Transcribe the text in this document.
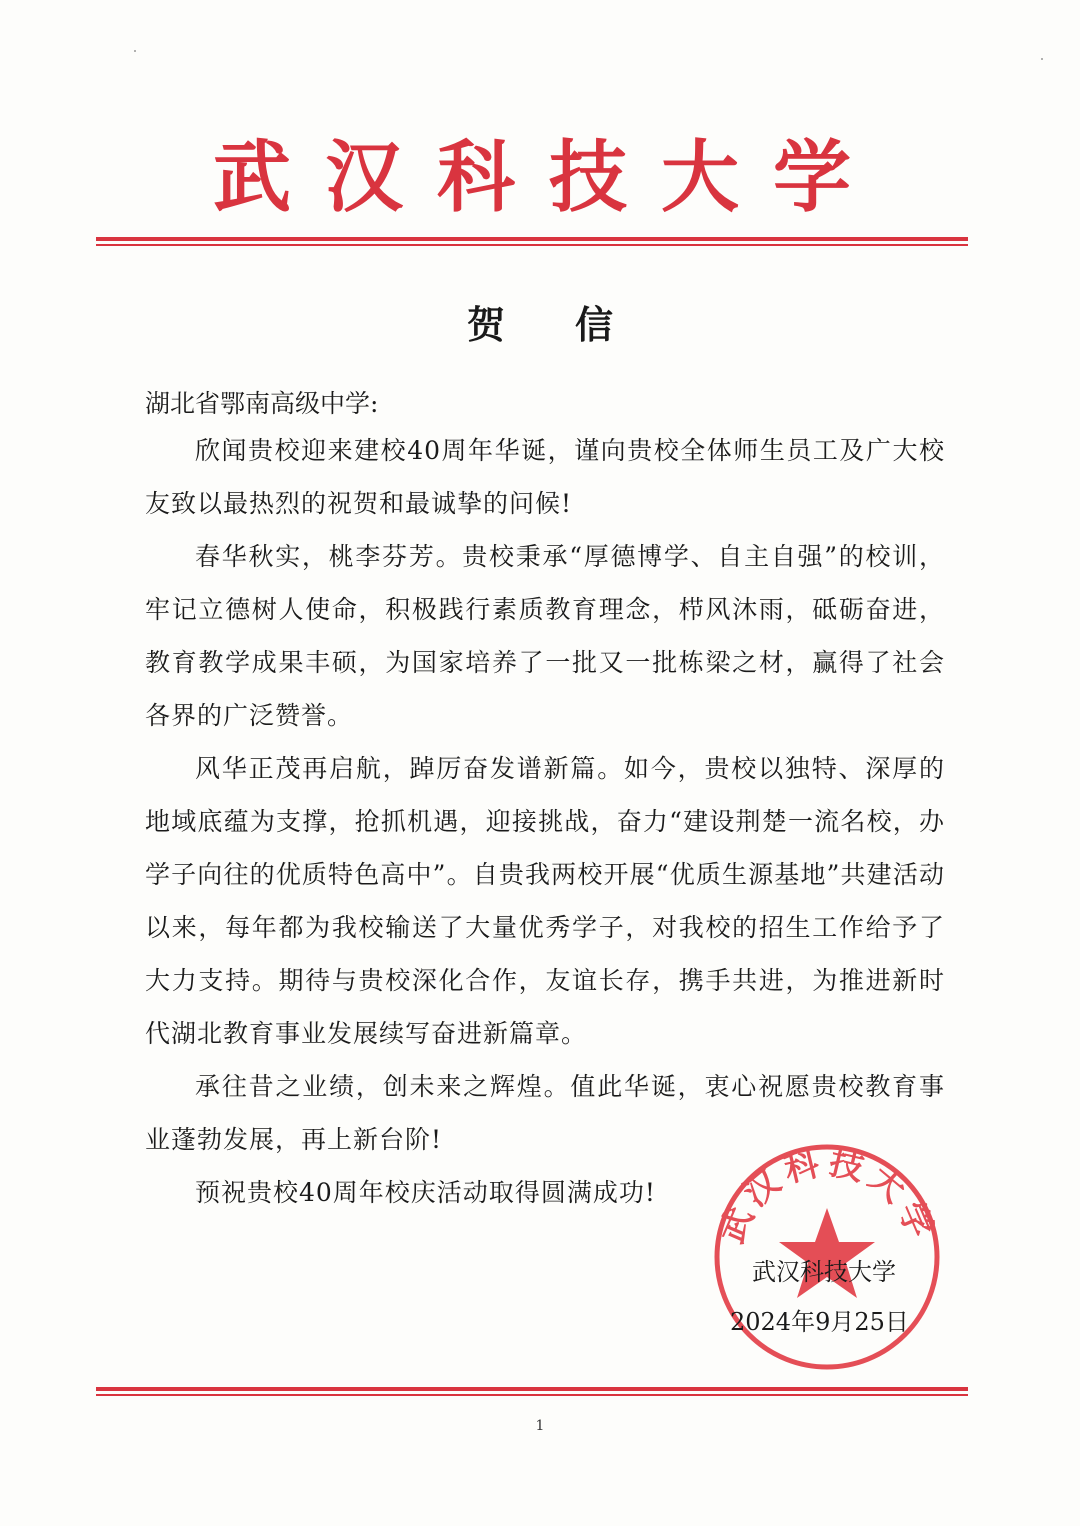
武汉科技大学
贺信
湖北省鄂南高级中学:

欣闻贵校迎来建校40周年华诞，谨向贵校全体师生员工及广大校友致以最热烈的祝贺和最诚挚的问候!

春华秋实，桃李芬芳。贵校秉承“厚德博学、自主自强”的校训，牢记立德树人使命，积极践行素质教育理念，栉风沐雨，砥砺奋进，教育教学成果丰硕，为国家培养了一批又一批栋梁之材，赢得了社会各界的广泛赞誉。

风华正茂再启航，踔厉奋发谱新篇。如今，贵校以独特、深厚的地域底蕴为支撑，抢抓机遇，迎接挑战，奋力“建设荆楚一流名校，办学子向往的优质特色高中”。自贵我两校开展“优质生源基地”共建活动以来，每年都为我校输送了大量优秀学子，对我校的招生工作给予了大力支持。期待与贵校深化合作，友谊长存，携手共进，为推进新时代湖北教育事业发展续写奋进新篇章。

承往昔之业绩，创未来之辉煌。值此华诞，衷心祝愿贵校教育事业蓬勃发展，再上新台阶!

预祝贵校40周年校庆活动取得圆满成功!

武汉科技大学
武汉科技大学
2024年9月25日
1
